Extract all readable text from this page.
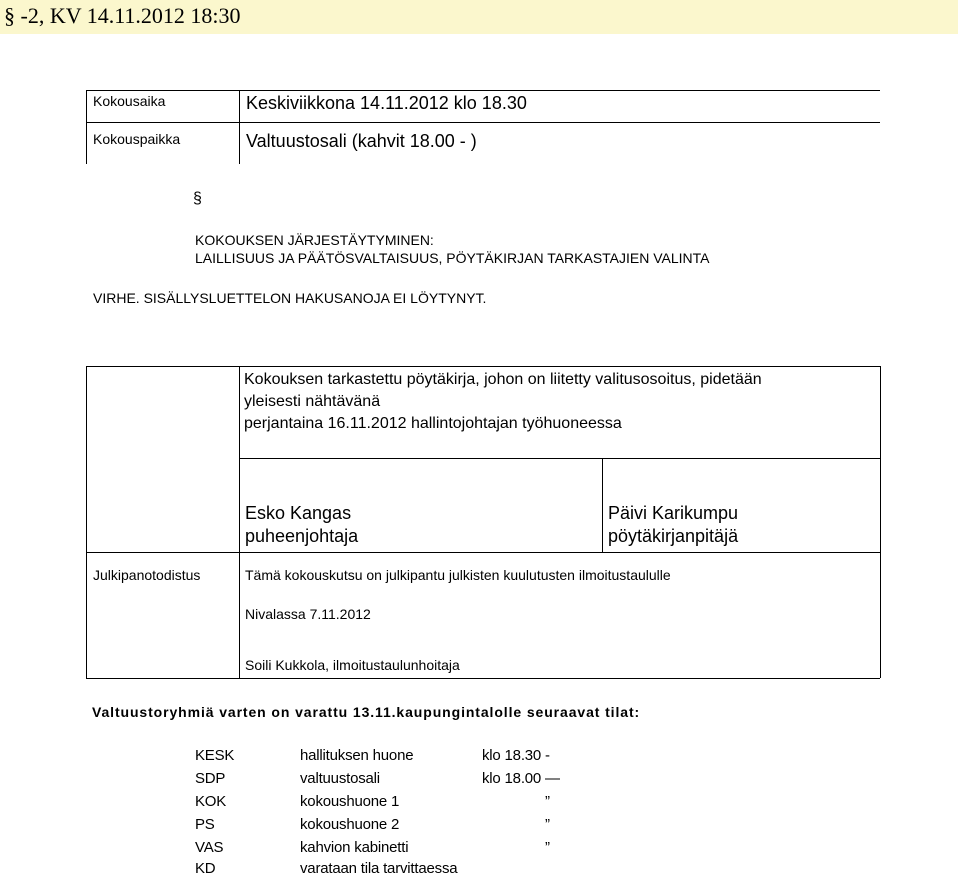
§ -2, KV 14.11.2012 18:30
Kokousaika	Keskiviikkona 14.11.2012 klo 18.30
Kokouspaikka	Valtuustosali (kahvit 18.00 - )
§
KOKOUKSEN JÄRJESTÄYTYMINEN:
LAILLISUUS JA PÄÄTÖSVALTAISUUS, PÖYTÄKIRJAN TARKASTAJIEN VALINTA
VIRHE. SISÄLLYSLUETTELON HAKUSANOJA EI LÖYTYNYT.
Kokouksen tarkastettu pöytäkirja, johon on liitetty valitusosoitus, pidetään
yleisesti nähtävänä
perjantaina 16.11.2012 hallintojohtajan työhuoneessa
Esko Kangas
puheenjohtaja
Päivi Karikumpu
pöytäkirjanpitäjä
Julkipanotodistus	Tämä kokouskutsu on julkipantu julkisten kuulutusten ilmoitustaululle
Nivalassa 7.11.2012
Soili Kukkola, ilmoitustaulunhoitaja
Valtuustoryhmiä varten on varattu 13.11.kaupungintalolle seuraavat tilat:
KESK	hallituksen huone	klo 18.30 -
SDP	valtuustosali	klo 18.00 —
KOK	kokoushuone 1	”
PS	kokoushuone 2	”
VAS	kahvion kabinetti	”
KD	varataan tila tarvittaessa
